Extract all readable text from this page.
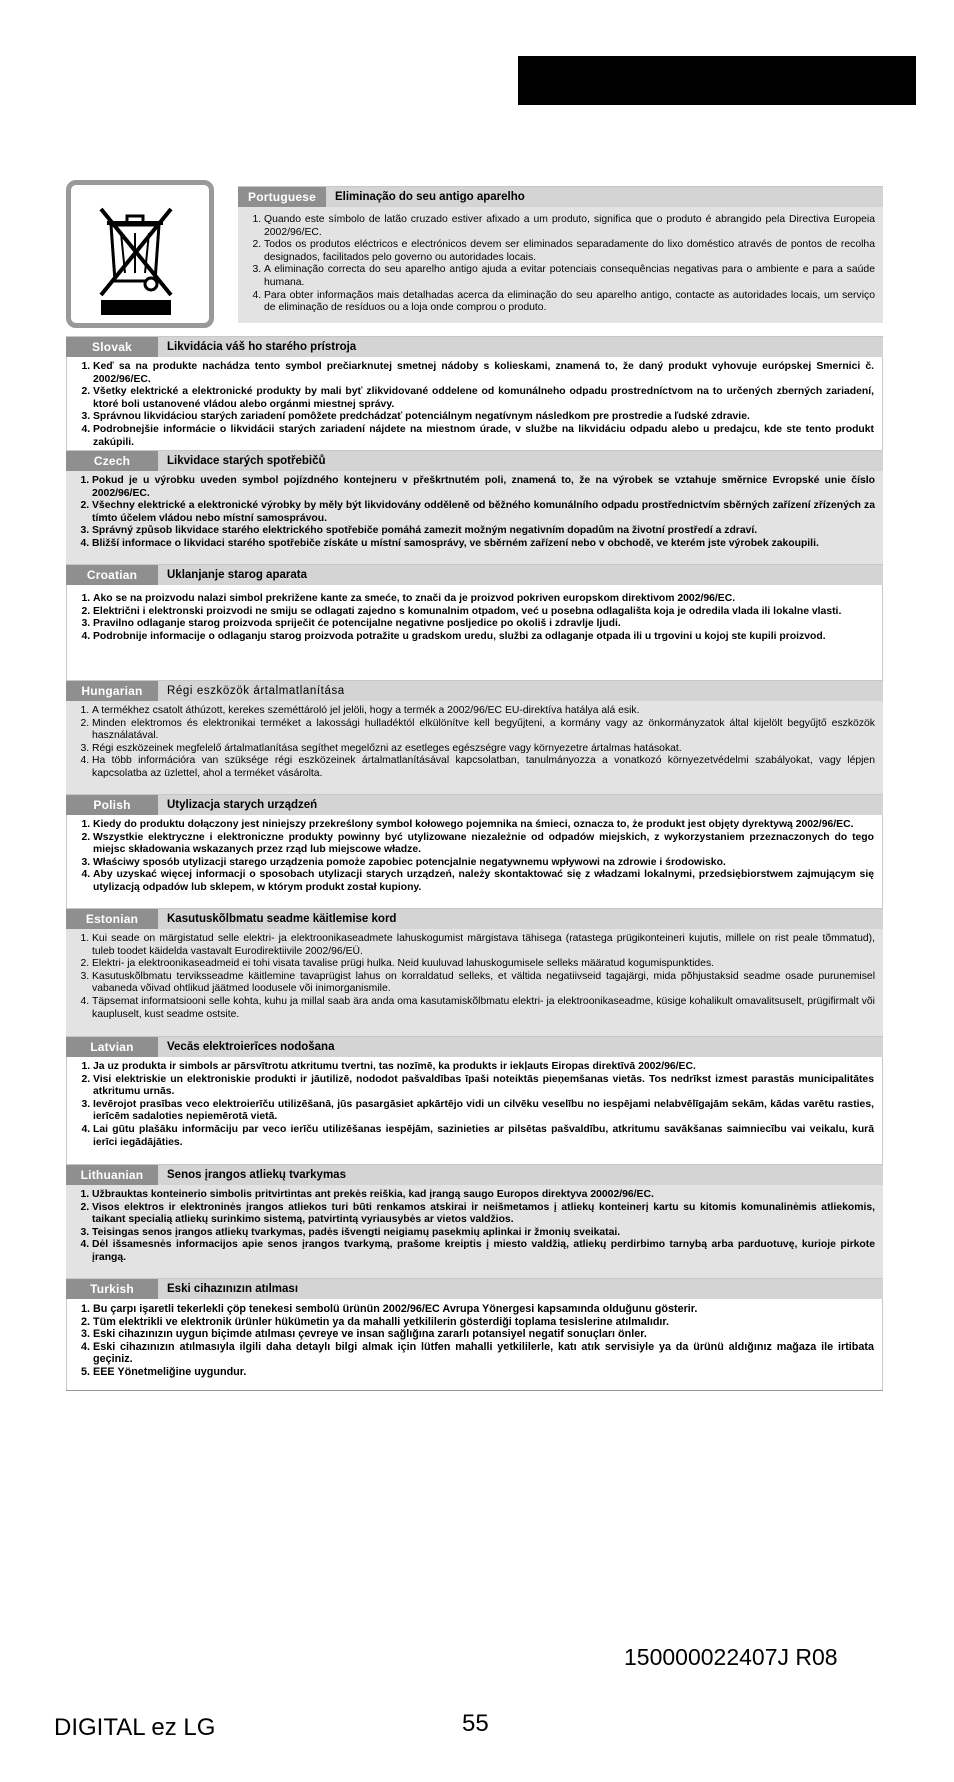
Portuguese	Eliminação do seu antigo aparelho
1. Quando este símbolo de latão cruzado estiver afixado a um produto, significa que o produto é abrangido pela Directiva Europeia 2002/96/EC.
2. Todos os produtos eléctricos e electrónicos devem ser eliminados separadamente do lixo doméstico através de pontos de recolha designados, facilitados pelo governo ou autoridades locais.
3. A eliminação correcta do seu aparelho antigo ajuda a evitar potenciais consequências negativas para o ambiente e para a saúde humana.
4. Para obter informaçãos mais detalhadas acerca da eliminação do seu aparelho antigo, contacte as autoridades locais, um serviço de eliminação de resíduos ou a loja onde comprou o produto.
Slovak	Likvidácia váš ho starého prístroja
1. Keď sa na produkte nachádza tento symbol prečiarknutej smetnej nádoby s kolieskami, znamená to, že daný produkt vyhovuje európskej Smernici č. 2002/96/EC.
2. Všetky elektrické a elektronické produkty by mali byť zlikvidované oddelene od komunálneho odpadu prostredníctvom na to určených zberných zariadení, ktoré boli ustanovené vládou alebo orgánmi miestnej správy.
3. Správnou likvidáciou starých zariadení pomôžete predchádzať potenciálnym negatívnym následkom pre prostredie a ľudské zdravie.
4. Podrobnejšie informácie o likvidácii starých zariadení nájdete na miestnom úrade, v službe na likvidáciu odpadu alebo u predajcu, kde ste tento produkt zakúpili.
Czech	Likvidace starých spotřebičů
1. Pokud je u výrobku uveden symbol pojízdného kontejneru v přeškrtnutém poli, znamená to, že na výrobek se vztahuje směrnice Evropské unie číslo 2002/96/EC.
2. Všechny elektrické a elektronické výrobky by měly být likvidovány odděleně od běžného komunálního odpadu prostřednictvím sběrných zařízení zřízených za tímto účelem vládou nebo místní samosprávou.
3. Správný způsob likvidace starého elektrického spotřebiče pomáhá zamezit možným negativním dopadům na životní prostředí a zdraví.
4. Bližší informace o likvidaci starého spotřebiče získáte u místní samosprávy, ve sběrném zařízení nebo v obchodě, ve kterém jste výrobek zakoupili.
Croatian	Uklanjanje starog aparata
1. Ako se na proizvodu nalazi simbol prekrižene kante za smeće, to znači da je proizvod pokriven europskom direktivom 2002/96/EC.
2. Električni i elektronski proizvodi ne smiju se odlagati zajedno s komunalnim otpadom, već u posebna odlagališta koja je odredila vlada ili lokalne vlasti.
3. Pravilno odlaganje starog proizvoda spriječit će potencijalne negativne posljedice po okoliš i zdravlje ljudi.
4. Podrobnije informacije o odlaganju starog proizvoda potražite u gradskom uredu, službi za odlaganje otpada ili u trgovini u kojoj ste kupili proizvod.
Hungarian	Régi eszközök ártalmatlanítása
1. A termékhez csatolt áthúzott, kerekes szeméttároló jel jelöli, hogy a termék a 2002/96/EC EU-direktíva hatálya alá esik.
2. Minden elektromos és elektronikai terméket a lakossági hulladéktól elkülönítve kell begyűjteni, a kormány vagy az önkormányzatok által kijelölt begyűjtő eszközök használatával.
3. Régi eszközeinek megfelelő ártalmatlanítása segíthet megelőzni az esetleges egészségre vagy környezetre ártalmas hatásokat.
4. Ha több információra van szüksége régi eszközeinek ártalmatlanításával kapcsolatban, tanulmányozza a vonatkozó környezetvédelmi szabályokat, vagy lépjen kapcsolatba az üzlettel, ahol a terméket vásárolta.
Polish	Utylizacja starych urządzeń
1. Kiedy do produktu dołączony jest niniejszy przekreślony symbol kołowego pojemnika na śmieci, oznacza to, że produkt jest objęty dyrektywą 2002/96/EC.
2. Wszystkie elektryczne i elektroniczne produkty powinny być utylizowane niezależnie od odpadów miejskich, z wykorzystaniem przeznaczonych do tego miejsc składowania wskazanych przez rząd lub miejscowe władze.
3. Właściwy sposób utylizacji starego urządzenia pomoże zapobiec potencjalnie negatywnemu wpływowi na zdrowie i środowisko.
4. Aby uzyskać więcej informacji o sposobach utylizacji starych urządzeń, należy skontaktować się z władzami lokalnymi, przedsiębiorstwem zajmującym się utylizacją odpadów lub sklepem, w którym produkt został kupiony.
Estonian	Kasutuskõlbmatu seadme käitlemise kord
1. Kui seade on märgistatud selle elektri- ja elektroonikaseadmete lahuskogumist märgistava tähisega (ratastega prügikonteineri kujutis, millele on rist peale tõmmatud), tuleb toodet käidelda vastavalt Eurodirektiivile 2002/96/EÜ.
2. Elektri- ja elektroonikaseadmeid ei tohi visata tavalise prügi hulka. Neid kuuluvad lahuskogumisele selleks määratud kogumispunktides.
3. Kasutuskõlbmatu terviksseadme käitlemine tavaprügist lahus on korraldatud selleks, et vältida negatiivseid tagajärgi, mida põhjustaksid seadme osade purunemisel vabaneda võivad ohtlikud jäätmed loodusele või inimorganismile.
4. Täpsemat informatsiooni selle kohta, kuhu ja millal saab ära anda oma kasutamiskõlbmatu elektri- ja elektroonikaseadme, küsige kohalikult omavalitsuselt, prügifirmalt või kaupluselt, kust seadme ostsite.
Latvian	Vecās elektroierīces nodošana
1. Ja uz produkta ir simbols ar pārsvītrotu atkritumu tvertni, tas nozīmē, ka produkts ir iekļauts Eiropas direktīvā 2002/96/EC.
2. Visi elektriskie un elektroniskie produkti ir jāutilizē, nododot pašvaldības īpaši noteiktās pieņemšanas vietās. Tos nedrīkst izmest parastās municipalitātes atkritumu urnās.
3. Ievērojot prasības veco elektroierīču utilizēšanā, jūs pasargāsiet apkārtējo vidi un cilvēku veselību no iespējami nelabvēlīgajām sekām, kādas varētu rasties, ierīcēm sadaloties nepiemērotā vietā.
4. Lai gūtu plašāku informāciju par veco ierīču utilizēšanas iespējām, sazinieties ar pilsētas pašvaldību, atkritumu savākšanas saimniecību vai veikalu, kurā ierīci iegādājāties.
Lithuanian	Senos įrangos atliekų tvarkymas
1. Užbrauktas konteinerio simbolis pritvirtintas ant prekės reiškia, kad įrangą saugo Europos direktyva 20002/96/EC.
2. Visos elektros ir elektroninės įrangos atliekos turi būti renkamos atskirai ir neišmetamos į atliekų konteinerį kartu su kitomis komunalinėmis atliekomis, taikant specialią atliekų surinkimo sistemą, patvirtintą vyriausybės ar vietos valdžios.
3. Teisingas senos įrangos atliekų tvarkymas, padės išvengti neigiamų pasekmių aplinkai ir žmonių sveikatai.
4. Dėl išsamesnės informacijos apie senos įrangos tvarkymą, prašome kreiptis į miesto valdžią, atliekų perdirbimo tarnybą arba parduotuvę, kurioje pirkote įrangą.
Turkish	Eski cihazınızın atılması
1. Bu çarpı işaretli tekerlekli çöp tenekesi sembolü ürünün 2002/96/EC Avrupa Yönergesi kapsamında olduğunu gösterir.
2. Tüm elektrikli ve elektronik ürünler hükümetin ya da mahalli yetkililerin gösterdiği toplama tesislerine atılmalıdır.
3. Eski cihazınızın uygun biçimde atılması çevreye ve insan sağlığına zararlı potansiyel negatif sonuçları önler.
4. Eski cihazınızın atılmasıyla ilgili daha detaylı bilgi almak için lütfen mahalli yetkililerle, katı atık servisiyle ya da ürünü aldığınız mağaza ile irtibata geçiniz.
5. EEE Yönetmeliğine uygundur.
150000022407J R08
DIGITAL ez LG	55
